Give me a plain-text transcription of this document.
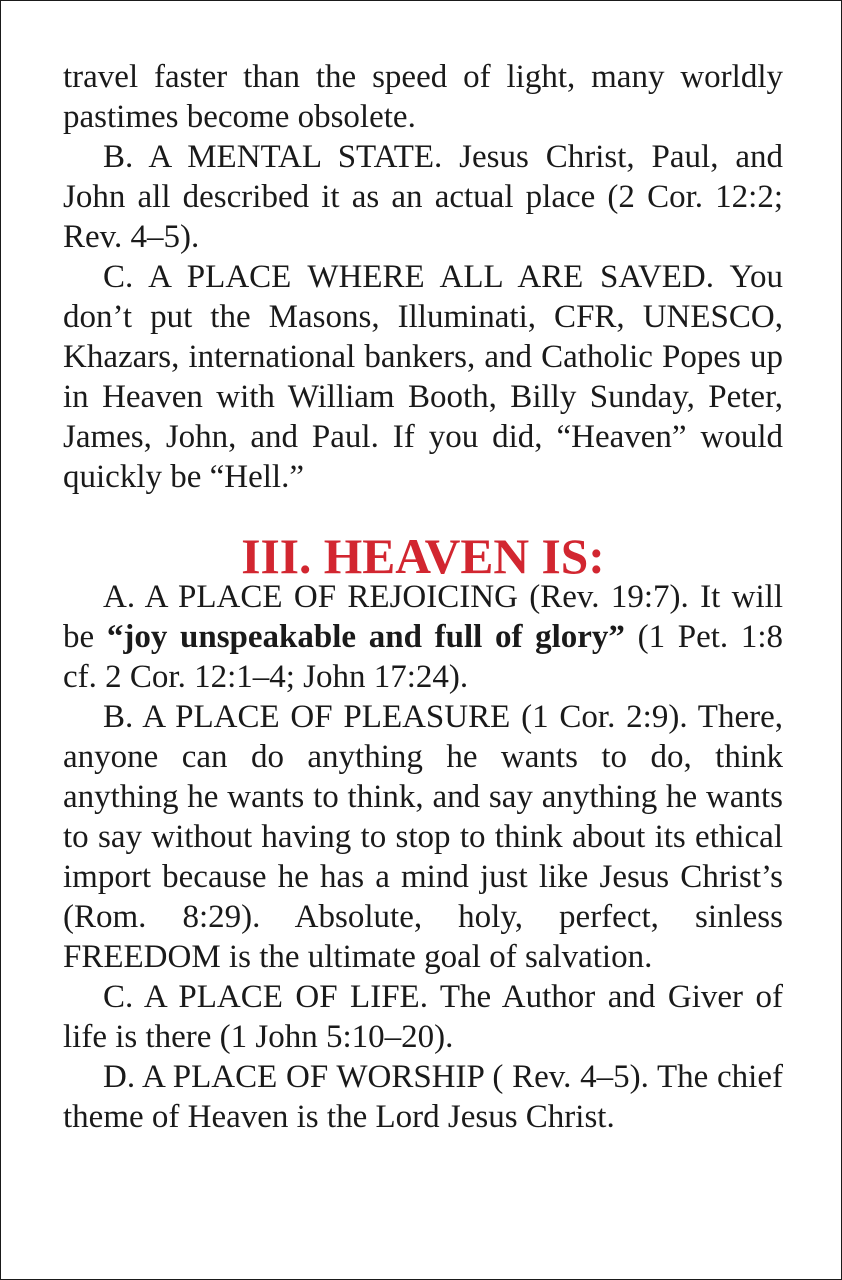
travel faster than the speed of light, many worldly pastimes become obsolete.

B. A MENTAL STATE. Jesus Christ, Paul, and John all described it as an actual place (2 Cor. 12:2; Rev. 4–5).

C. A PLACE WHERE ALL ARE SAVED. You don’t put the Masons, Illuminati, CFR, UNESCO, Khazars, international bankers, and Catholic Popes up in Heaven with William Booth, Billy Sunday, Peter, James, John, and Paul. If you did, “Heaven” would quickly be “Hell.”

III. HEAVEN IS:

A. A PLACE OF REJOICING (Rev. 19:7). It will be “joy unspeakable and full of glory” (1 Pet. 1:8 cf. 2 Cor. 12:1–4; John 17:24).

B. A PLACE OF PLEASURE (1 Cor. 2:9). There, anyone can do anything he wants to do, think anything he wants to think, and say anything he wants to say without having to stop to think about its ethical import because he has a mind just like Jesus Christ’s (Rom. 8:29). Absolute, holy, perfect, sinless FREEDOM is the ultimate goal of salvation.

C. A PLACE OF LIFE. The Author and Giver of life is there (1 John 5:10–20).

D. A PLACE OF WORSHIP ( Rev. 4–5). The chief theme of Heaven is the Lord Jesus Christ.
